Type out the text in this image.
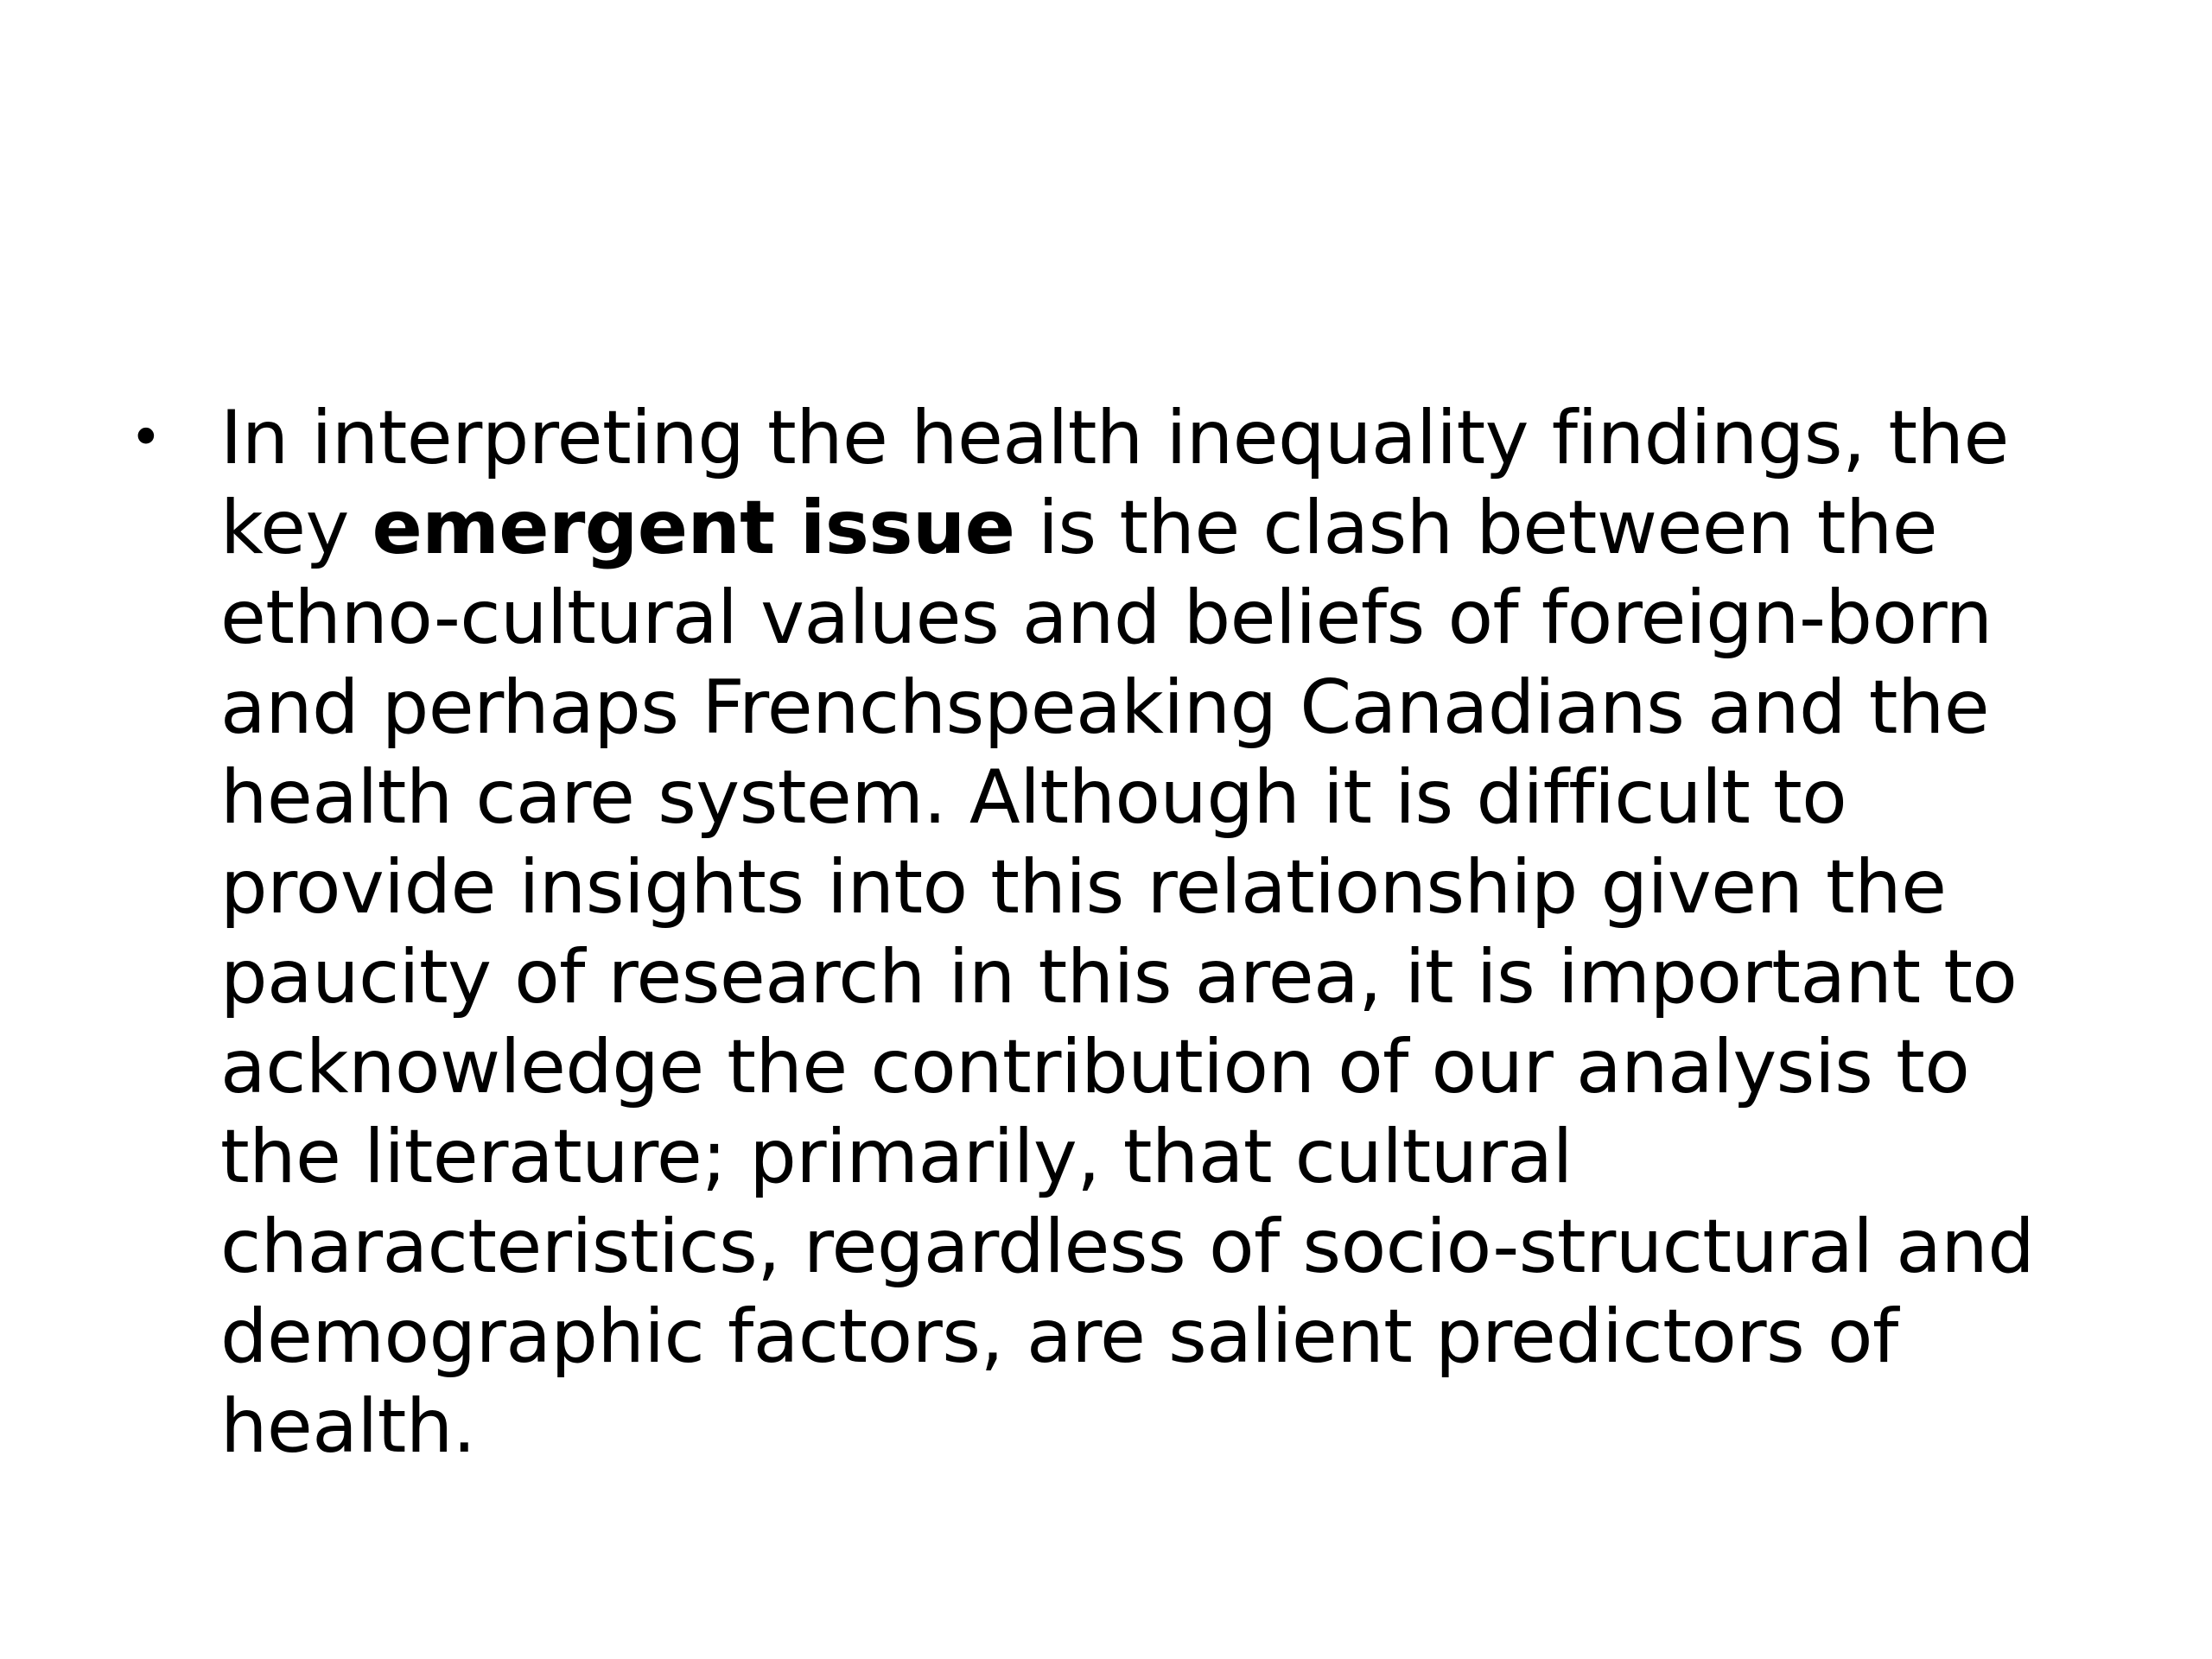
• In interpreting the health inequality findings, the
key emergent issue is the clash between the
ethno-cultural values and beliefs of foreign-born
and perhaps Frenchspeaking Canadians and the
health care system. Although it is difficult to
provide insights into this relationship given the
paucity of research in this area, it is important to
acknowledge the contribution of our analysis to
the literature; primarily, that cultural
characteristics, regardless of socio-structural and
demographic factors, are salient predictors of
health.
